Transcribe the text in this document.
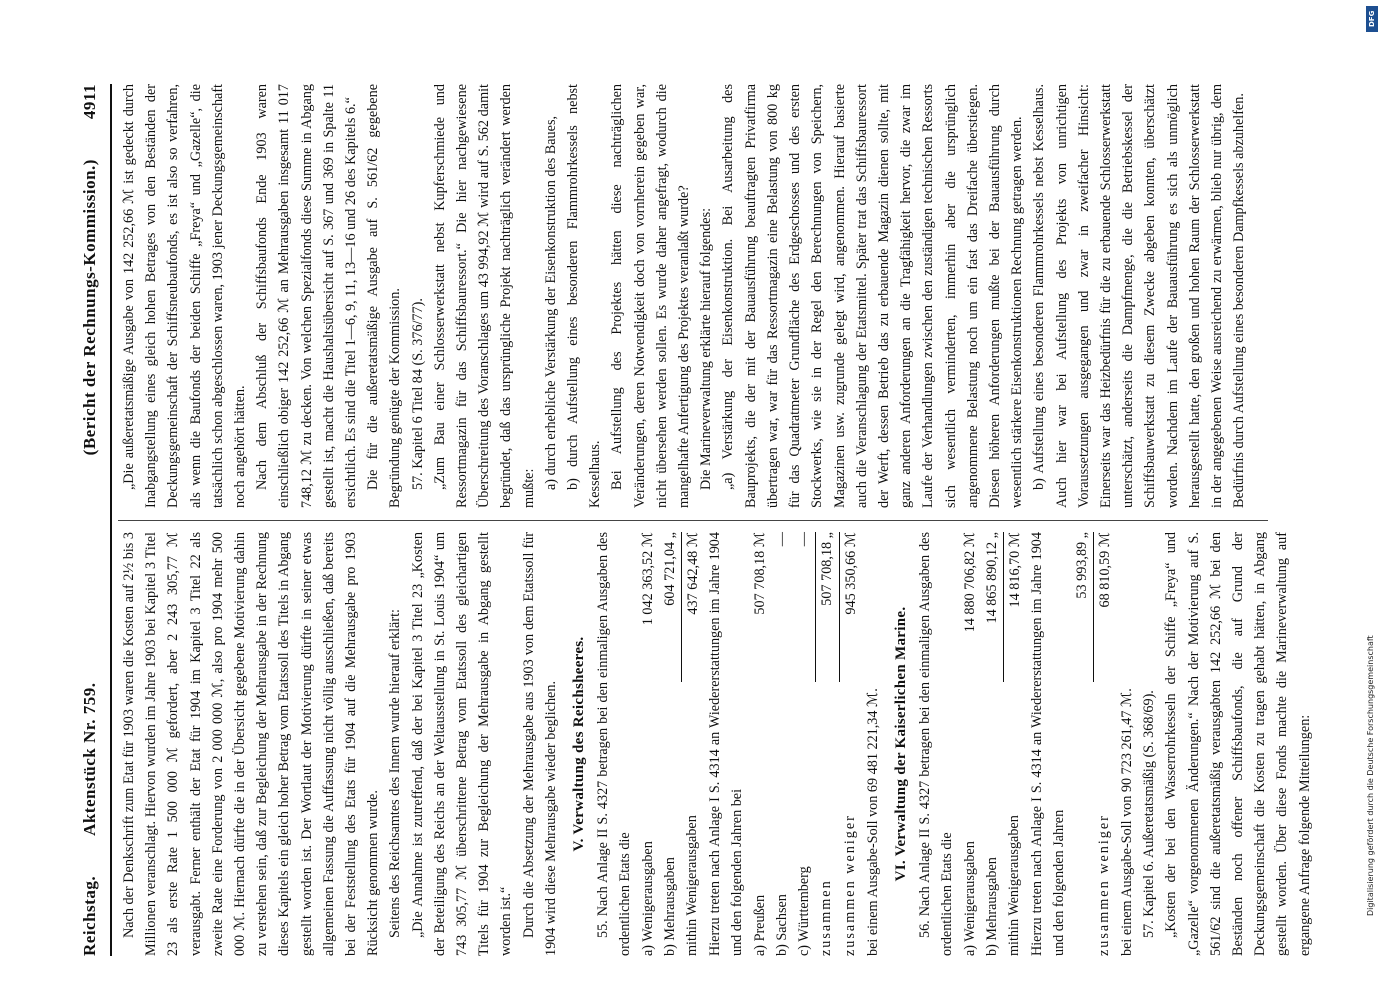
DFG
Digitalisierung gefördert durch die Deutsche Forschungsgemeinschaft
Reichstag.
Aktenstück Nr. 759.
(Bericht der Rechnungs-Kommission.)
4911

Nach der Denkschrift zum Etat für 1903 waren die Kosten auf 2½ bis 3 Millionen veranschlagt. Hiervon wurden im Jahre 1903 bei Kapitel 3 Titel 23 als erste Rate 1 500 000 ℳ gefordert, aber 2 243 305,77 ℳ verausgabt. Ferner enthält der Etat für 1904 im Kapitel 3 Titel 22 als zweite Rate eine Forderung von 2 000 000 ℳ, also pro 1904 mehr 500 000 ℳ. Hiernach dürfte die in der Übersicht gegebene Motivierung dahin zu verstehen sein, daß zur Begleichung der Mehrausgabe in der Rechnung dieses Kapitels ein gleich hoher Betrag vom Etatssoll des Titels in Abgang gestellt worden ist. Der Wortlaut der Motivierung dürfte in seiner etwas allgemeinen Fassung die Auffassung nicht völlig ausschließen, daß bereits bei der Feststellung des Etats für 1904 auf die Mehrausgabe pro 1903 Rücksicht genommen wurde. Seitens des Reichsamtes des Innern wurde hierauf erklärt: „Die Annahme ist zutreffend, daß der bei Kapitel 3 Titel 23 „Kosten der Beteiligung des Reichs an der Weltausstellung in St. Louis 1904“ um 743 305,77 ℳ überschrittene Betrag vom Etatssoll des gleichartigen Titels für 1904 zur Begleichung der Mehrausgabe in Abgang gestellt worden ist.“ Durch die Absetzung der Mehrausgabe aus 1903 von dem Etatssoll für 1904 wird diese Mehrausgabe wieder beglichen. V. Verwaltung des Reichsheeres. 55. Nach Anlage II S. 4327 betragen bei den einmaligen Ausgaben des ordentlichen Etats die a) Wenigerausgaben
1 042 363,52 ℳ
b) Mehrausgaben
604 721,04 „
mithin Wenigerausgaben
437 642,48 ℳ Hierzu treten nach Anlage I S. 4314 an Wiedererstattungen im Jahre 1904 und den folgenden Jahren bei a) Preußen
507 708,18 ℳ
b) Sachsen
—
c) Württemberg
—
zusammen
507 708,18 „
zusammen weniger
945 350,66 ℳ

bei einem Ausgabe-Soll von 69 481 221,34 ℳ. VI. Verwaltung der Kaiserlichen Marine. 56. Nach Anlage II S. 4327 betragen bei den einmaligen Ausgaben des ordentlichen Etats die a) Wenigerausgaben
14 880 706,82 ℳ
b) Mehrausgaben
14 865 890,12 „
mithin Wenigerausgaben
14 816,70 ℳ Hierzu treten nach Anlage I S. 4314 an Wiedererstattungen im Jahre 1904 und den folgenden Jahren

53 993,89 „
zusammen weniger
68 810,59 ℳ

bei einem Ausgabe-Soll von 90 723 261,47 ℳ. 57. Kapitel 6. Außeretatsmäßig (S. 368/69). „Kosten der bei den Wasserrohrkesseln der Schiffe „Freya“ und „Gazelle“ vorgenommenen Änderungen.“ Nach der Motivierung auf S. 561/62 sind die außeretatsmäßig verausgabten 142 252,66 ℳ bei den Beständen noch offener Schiffsbaufonds, die auf Grund der Deckungsgemeinschaft die Kosten zu tragen gehabt hätten, in Abgang gestellt worden. Über diese Fonds machte die Marineverwaltung auf ergangene Anfrage folgende Mitteilungen:

„Die außeretatsmäßige Ausgabe von 142 252,66 ℳ ist gedeckt durch Inabgangstellung eines gleich hohen Betrages von den Beständen der Deckungsgemeinschaft der Schiffsneubaufonds, es ist also so verfahren, als wenn die Baufonds der beiden Schiffe „Freya“ und „Gazelle“, die tatsächlich schon abgeschlossen waren, 1903 jener Deckungsgemeinschaft noch angehört hätten. Nach dem Abschluß der Schiffsbaufonds Ende 1903 waren einschließlich obiger 142 252,66 ℳ an Mehrausgaben insgesamt 11 017 748,12 ℳ zu decken. Von welchen Spezialfonds diese Summe in Abgang gestellt ist, macht die Haushaltsübersicht auf S. 367 und 369 in Spalte 11 ersichtlich. Es sind die Titel 1—6, 9, 11, 13—16 und 26 des Kapitels 6.“ Die für die außeretatsmäßige Ausgabe auf S. 561/62 gegebene Begründung genügte der Kommission. 57. Kapitel 6 Titel 84 (S. 376/77). „Zum Bau einer Schlosserwerkstatt nebst Kupferschmiede und Ressortmagazin für das Schiffsbauressort.“ Die hier nachgewiesene Überschreitung des Voranschlages um 43 994,92 ℳ wird auf S. 562 damit begründet, daß das ursprüngliche Projekt nachträglich verändert werden mußte: a) durch erhebliche Verstärkung der Eisenkonstruktion des Baues, b) durch Aufstellung eines besonderen Flammrohrkessels nebst Kesselhaus. Bei Aufstellung des Projektes hätten diese nachträglichen Veränderungen, deren Notwendigkeit doch von vornherein gegeben war, nicht übersehen werden sollen. Es wurde daher angefragt, wodurch die mangelhafte Anfertigung des Projektes veranlaßt wurde? Die Marineverwaltung erklärte hierauf folgendes: „a) Verstärkung der Eisenkonstruktion. Bei Ausarbeitung des Bauprojekts, die der mit der Bauausführung beauftragten Privatfirma übertragen war, war für das Ressortmagazin eine Belastung von 800 kg für das Quadratmeter Grundfläche des Erdgeschosses und des ersten Stockwerks, wie sie in der Regel den Berechnungen von Speichern, Magazinen usw. zugrunde gelegt wird, angenommen. Hierauf basierte auch die Veranschlagung der Etatsmittel. Später trat das Schiffsbauressort der Werft, dessen Betrieb das zu erbauende Magazin dienen sollte, mit ganz anderen Anforderungen an die Tragfähigkeit hervor, die zwar im Laufe der Verhandlungen zwischen den zuständigen technischen Ressorts sich wesentlich verminderten, immerhin aber die ursprünglich angenommene Belastung noch um ein fast das Dreifache überstiegen. Diesen höheren Anforderungen mußte bei der Bauausführung durch wesentlich stärkere Eisenkonstruktionen Rechnung getragen werden. b) Aufstellung eines besonderen Flammrohrkessels nebst Kesselhaus. Auch hier war bei Aufstellung des Projekts von unrichtigen Voraussetzungen ausgegangen und zwar in zweifacher Hinsicht: Einerseits war das Heizbedürfnis für die zu erbauende Schlosserwerkstatt unterschätzt, anderseits die Dampfmenge, die die Betriebskessel der Schiffsbauwerkstatt zu diesem Zwecke abgeben konnten, überschätzt worden. Nachdem im Laufe der Bauausführung es sich als unmöglich herausgestellt hatte, den großen und hohen Raum der Schlosserwerkstatt in der angegebenen Weise ausreichend zu erwärmen, blieb nur übrig, dem Bedürfnis durch Aufstellung eines besonderen Dampfkessels abzuhelfen.
